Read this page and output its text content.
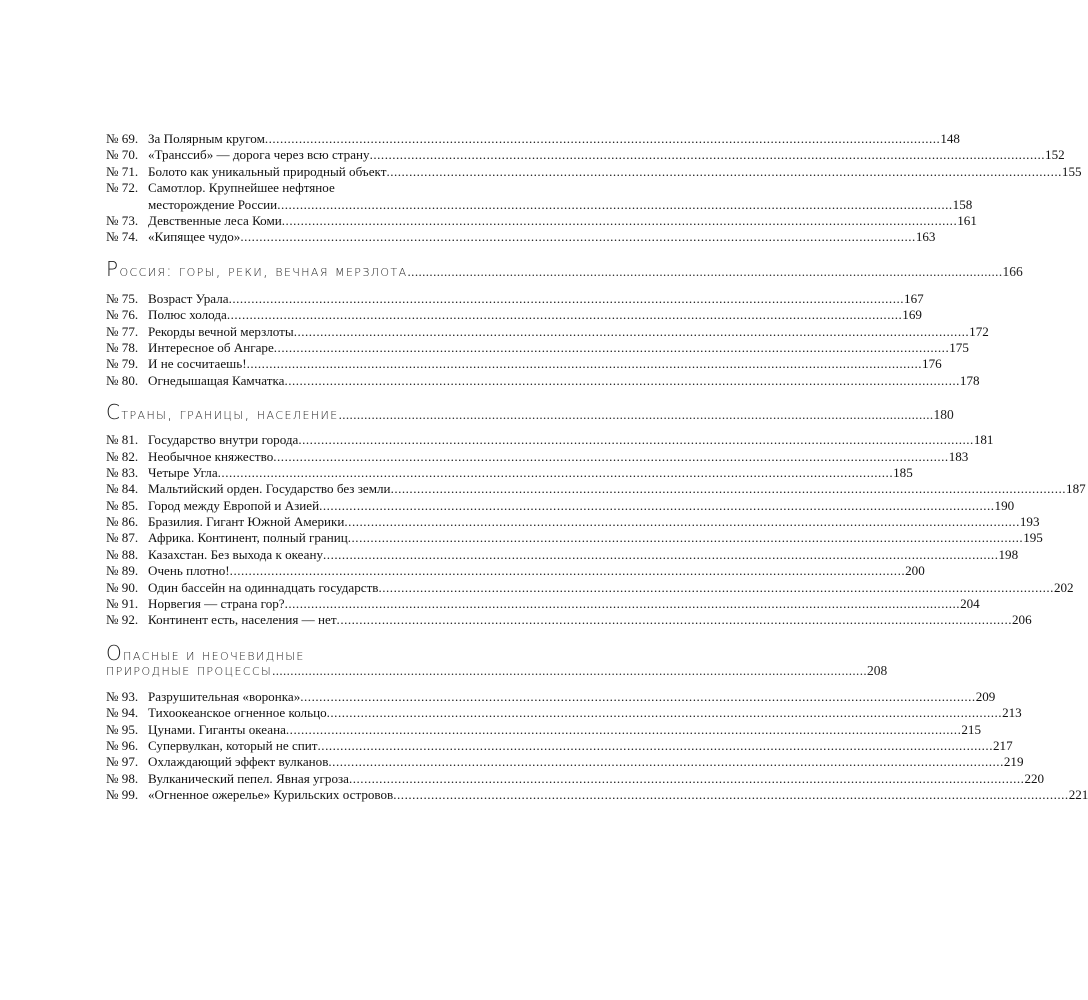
№ 69. За Полярным кругом .....	148
№ 70. «Транссиб» — дорога через всю страну .....	152
№ 71. Болото как уникальный природный объект .....	155
№ 72. Самотлор. Крупнейшее нефтяное
месторождение России .....	158
№ 73. Девственные леса Коми .....	161
№ 74. «Кипящее чудо» .....	163
Россия: горы, реки, вечная мерзлота .....	166
№ 75. Возраст Урала .....	167
№ 76. Полюс холода .....	169
№ 77. Рекорды вечной мерзлоты .....	172
№ 78. Интересное об Ангаре .....	175
№ 79. И не сосчитаешь! .....	176
№ 80. Огнедышащая Камчатка .....	178
Страны, границы, население .....	180
№ 81. Государство внутри города .....	181
№ 82. Необычное княжество .....	183
№ 83. Четыре Угла .....	185
№ 84. Мальтийский орден. Государство без земли .....	187
№ 85. Город между Европой и Азией .....	190
№ 86. Бразилия. Гигант Южной Америки .....	193
№ 87. Африка. Континент, полный границ .....	195
№ 88. Казахстан. Без выхода к океану .....	198
№ 89. Очень плотно! .....	200
№ 90. Один бассейн на одиннадцать государств .....	202
№ 91. Норвегия — страна гор? .....	204
№ 92. Континент есть, населения — нет .....	206
Опасные и неочевидные
природные процессы .....	208
№ 93. Разрушительная «воронка» .....	209
№ 94. Тихоокеанское огненное кольцо .....	213
№ 95. Цунами. Гиганты океана .....	215
№ 96. Супервулкан, который не спит .....	217
№ 97. Охлаждающий эффект вулканов .....	219
№ 98. Вулканический пепел. Явная угроза .....	220
№ 99. «Огненное ожерелье» Курильских островов .....	221
